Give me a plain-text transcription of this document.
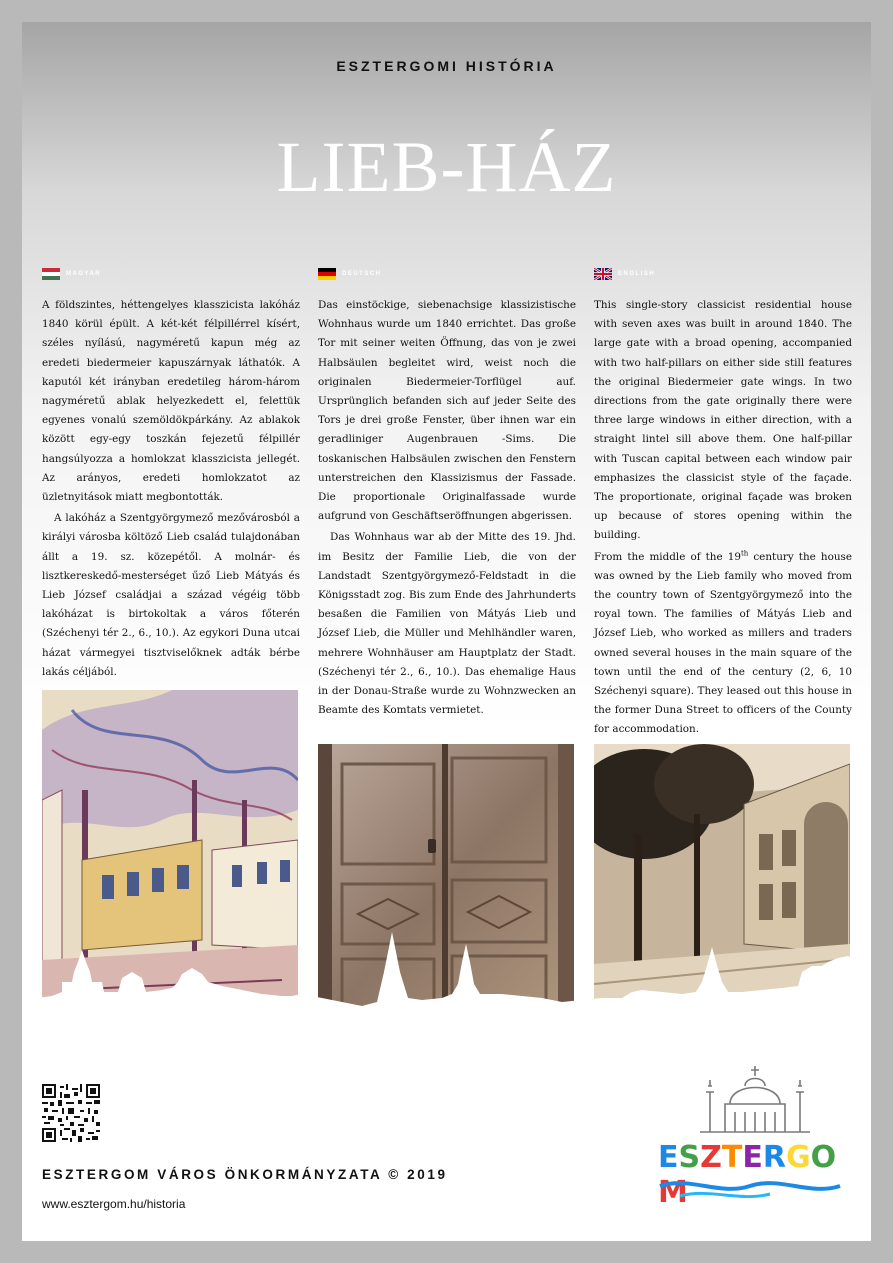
ESZTERGOMI HISTÓRIA
LIEB-HÁZ
MAGYAR

A földszintes, héttengelyes klasszicista lakóház 1840 körül épült. A két-két félpillérrel kísért, széles nyílású, nagyméretű kapun még az eredeti biedermeier kapuszárnyak láthatók. A kaputól két irányban eredetileg három-három nagyméretű ablak helyezkedett el, felettük egyenes vonalú szemöldökpárkány. Az ablakok között egy-egy toszkán fejezetű félpillér hangsúlyozza a homlokzat klasszicista jellegét. Az arányos, eredeti homlokzatot az üzletnyitások miatt megbontották.

A lakóház a Szentgyörgymező mezővárosból a királyi városba költöző Lieb család tulajdonában állt a 19. sz. közepétől. A molnár- és lisztkereskedő-mesterséget űző Lieb Mátyás és Lieb József családjai a század végéig több lakóházat is birtokoltak a város főterén (Széchenyi tér 2., 6., 10.). Az egykori Duna utcai házat vármegyei tisztviselőknek adták bérbe lakás céljából.

DEUTSCH

Das einstöckige, siebenachsige klassizistische Wohnhaus wurde um 1840 errichtet. Das große Tor mit seiner weiten Öffnung, das von je zwei Halbsäulen begleitet wird, weist noch die originalen Biedermeier-Torflügel auf. Ursprünglich befanden sich auf jeder Seite des Tors je drei große Fenster, über ihnen war ein geradliniger Augenbrauen -Sims. Die toskanischen Halbsäulen zwischen den Fenstern unterstreichen den Klassizismus der Fassade. Die proportionale Originalfassade wurde aufgrund von Geschäftseröffnungen abgerissen.

Das Wohnhaus war ab der Mitte des 19. Jhd. im Besitz der Familie Lieb, die von der Landstadt Szentgyörgymező-Feldstadt in die Königsstadt zog. Bis zum Ende des Jahrhunderts besaßen die Familien von Mátyás Lieb und József Lieb, die Müller und Mehlhändler waren, mehrere Wohnhäuser am Hauptplatz der Stadt. (Széchenyi tér 2., 6., 10.). Das ehemalige Haus in der Donau-Straße wurde zu Wohnzwecken an Beamte des Komtats vermietet.

ENGLISH

This single-story classicist residential house with seven axes was built in around 1840. The large gate with a broad opening, accompanied with two half-pillars on either side still features the original Biedermeier gate wings. In two directions from the gate originally there were three large windows in either direction, with a straight lintel sill above them. One half-pillar with Tuscan capital between each window pair emphasizes the classicist style of the façade. The proportionate, original façade was broken up because of stores opening within the building.

From the middle of the 19th century the house was owned by the Lieb family who moved from the country town of Szentgyörgymező into the royal town. The families of Mátyás Lieb and József Lieb, who worked as millers and traders owned several houses in the main square of the town until the end of the century (2, 6, 10 Széchenyi square). They leased out this house in the former Duna Street to officers of the County for accommodation.

ESZTERGOM VÁROS ÖNKORMÁNYZATA © 2019
www.esztergom.hu/historia
ESZTERGOM
